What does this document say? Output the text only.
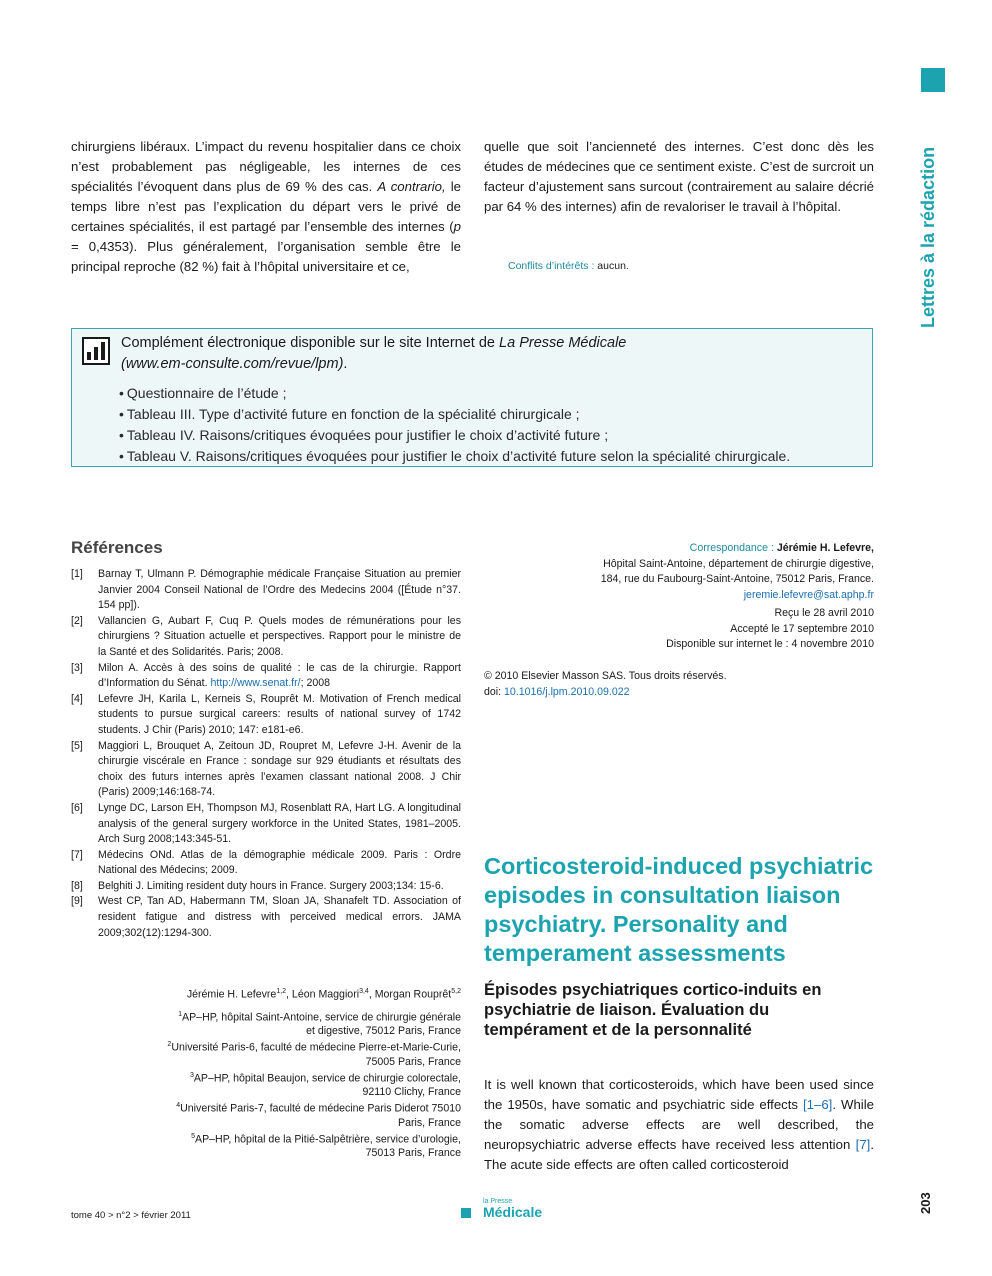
Lettres à la rédaction
203
chirurgiens libéraux. L’impact du revenu hospitalier dans ce choix n’est probablement pas négligeable, les internes de ces spécialités l’évoquent dans plus de 69 % des cas. A contrario, le temps libre n’est pas l’explication du départ vers le privé de certaines spécialités, il est partagé par l’ensemble des internes (p = 0,4353). Plus généralement, l’organisation semble être le principal reproche (82 %) fait à l’hôpital universitaire et ce,
quelle que soit l’ancienneté des internes. C’est donc dès les études de médecines que ce sentiment existe. C’est de surcroit un facteur d’ajustement sans surcout (contrairement au salaire décrié par 64 % des internes) afin de revaloriser le travail à l’hôpital.
Conflits d’intérêts : aucun.
Complément électronique disponible sur le site Internet de La Presse Médicale
(www.em-consulte.com/revue/lpm).
• Questionnaire de l’étude ;
• Tableau III. Type d’activité future en fonction de la spécialité chirurgicale ;
• Tableau IV. Raisons/critiques évoquées pour justifier le choix d’activité future ;
• Tableau V. Raisons/critiques évoquées pour justifier le choix d’activité future selon la spécialité chirurgicale.
Références
[1]	Barnay T, Ulmann P. Démographie médicale Française Situation au premier Janvier 2004 Conseil National de l’Ordre des Medecins 2004 ([Étude n°37. 154 pp]).
[2]	Vallancien G, Aubart F, Cuq P. Quels modes de rémunérations pour les chirurgiens ? Situation actuelle et perspectives. Rapport pour le ministre de la Santé et des Solidarités. Paris; 2008.
[3]	Milon A. Accès à des soins de qualité : le cas de la chirurgie. Rapport d’Information du Sénat. http://www.senat.fr/; 2008
[4]	Lefevre JH, Karila L, Kerneis S, Rouprêt M. Motivation of French medical students to pursue surgical careers: results of national survey of 1742 students. J Chir (Paris) 2010; 147: e181-e6.
[5]	Maggiori L, Brouquet A, Zeitoun JD, Roupret M, Lefevre J-H. Avenir de la chirurgie viscérale en France : sondage sur 929 étudiants et résultats des choix des futurs internes après l’examen classant national 2008. J Chir (Paris) 2009;146:168-74.
[6]	Lynge DC, Larson EH, Thompson MJ, Rosenblatt RA, Hart LG. A longitudinal analysis of the general surgery workforce in the United States, 1981–2005. Arch Surg 2008;143:345-51.
[7]	Médecins ONd. Atlas de la démographie médicale 2009. Paris : Ordre National des Médecins; 2009.
[8]	Belghiti J. Limiting resident duty hours in France. Surgery 2003;134: 15-6.
[9]	West CP, Tan AD, Habermann TM, Sloan JA, Shanafelt TD. Association of resident fatigue and distress with perceived medical errors. JAMA 2009;302(12):1294-300.
Correspondance : Jérémie H. Lefevre,
Hôpital Saint-Antoine, département de chirurgie digestive,
184, rue du Faubourg-Saint-Antoine, 75012 Paris, France.
jeremie.lefevre@sat.aphp.fr
Reçu le 28 avril 2010
Accepté le 17 septembre 2010
Disponible sur internet le : 4 novembre 2010
© 2010 Elsevier Masson SAS. Tous droits réservés.
doi: 10.1016/j.lpm.2010.09.022
Jérémie H. Lefevre$^{1,2}$, Léon Maggiori$^{3,4}$, Morgan Rouprêt$^{5,2}$
$^1$AP–HP, hôpital Saint-Antoine, service de chirurgie générale
et digestive, 75012 Paris, France
$^2$Université Paris-6, faculté de médecine Pierre-et-Marie-Curie,
75005 Paris, France
$^3$AP–HP, hôpital Beaujon, service de chirurgie colorectale,
92110 Clichy, France
$^4$Université Paris-7, faculté de médecine Paris Diderot 75010
Paris, France
$^5$AP–HP, hôpital de la Pitié-Salpêtrière, service d’urologie,
75013 Paris, France
Corticosteroid-induced psychiatric episodes in consultation liaison psychiatry. Personality and temperament assessments
Épisodes psychiatriques cortico-induits en psychiatrie de liaison. Évaluation du tempérament et de la personnalité
It is well known that corticosteroids, which have been used since the 1950s, have somatic and psychiatric side effects [1–6]. While the somatic adverse effects are well described, the neuropsychiatric adverse effects have received less attention [7]. The acute side effects are often called corticosteroid
tome 40 > n°2 > février 2011
la Presse
Médicale
